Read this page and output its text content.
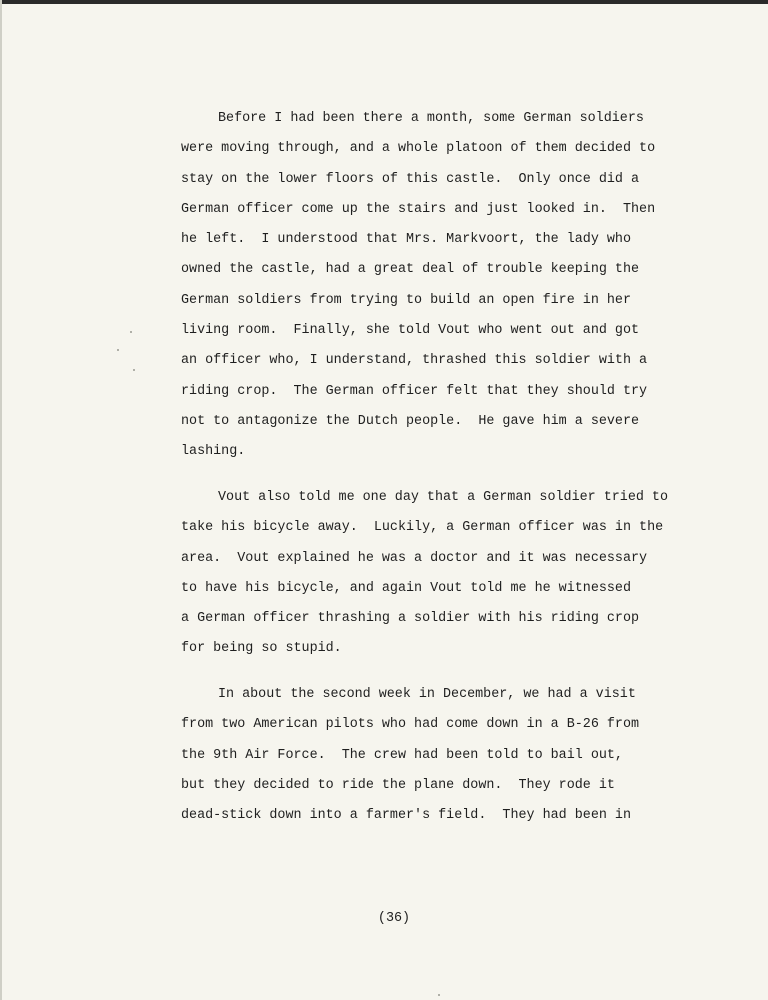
Before I had been there a month, some German soldiers
were moving through, and a whole platoon of them decided to
stay on the lower floors of this castle.  Only once did a
German officer come up the stairs and just looked in.  Then
he left.  I understood that Mrs. Markvoort, the lady who
owned the castle, had a great deal of trouble keeping the
German soldiers from trying to build an open fire in her
living room.  Finally, she told Vout who went out and got
an officer who, I understand, thrashed this soldier with a
riding crop.  The German officer felt that they should try
not to antagonize the Dutch people.  He gave him a severe
lashing.
Vout also told me one day that a German soldier tried to
take his bicycle away.  Luckily, a German officer was in the
area.  Vout explained he was a doctor and it was necessary
to have his bicycle, and again Vout told me he witnessed
a German officer thrashing a soldier with his riding crop
for being so stupid.
In about the second week in December, we had a visit
from two American pilots who had come down in a B-26 from
the 9th Air Force.  The crew had been told to bail out,
but they decided to ride the plane down.  They rode it
dead-stick down into a farmer's field.  They had been in
(36)
